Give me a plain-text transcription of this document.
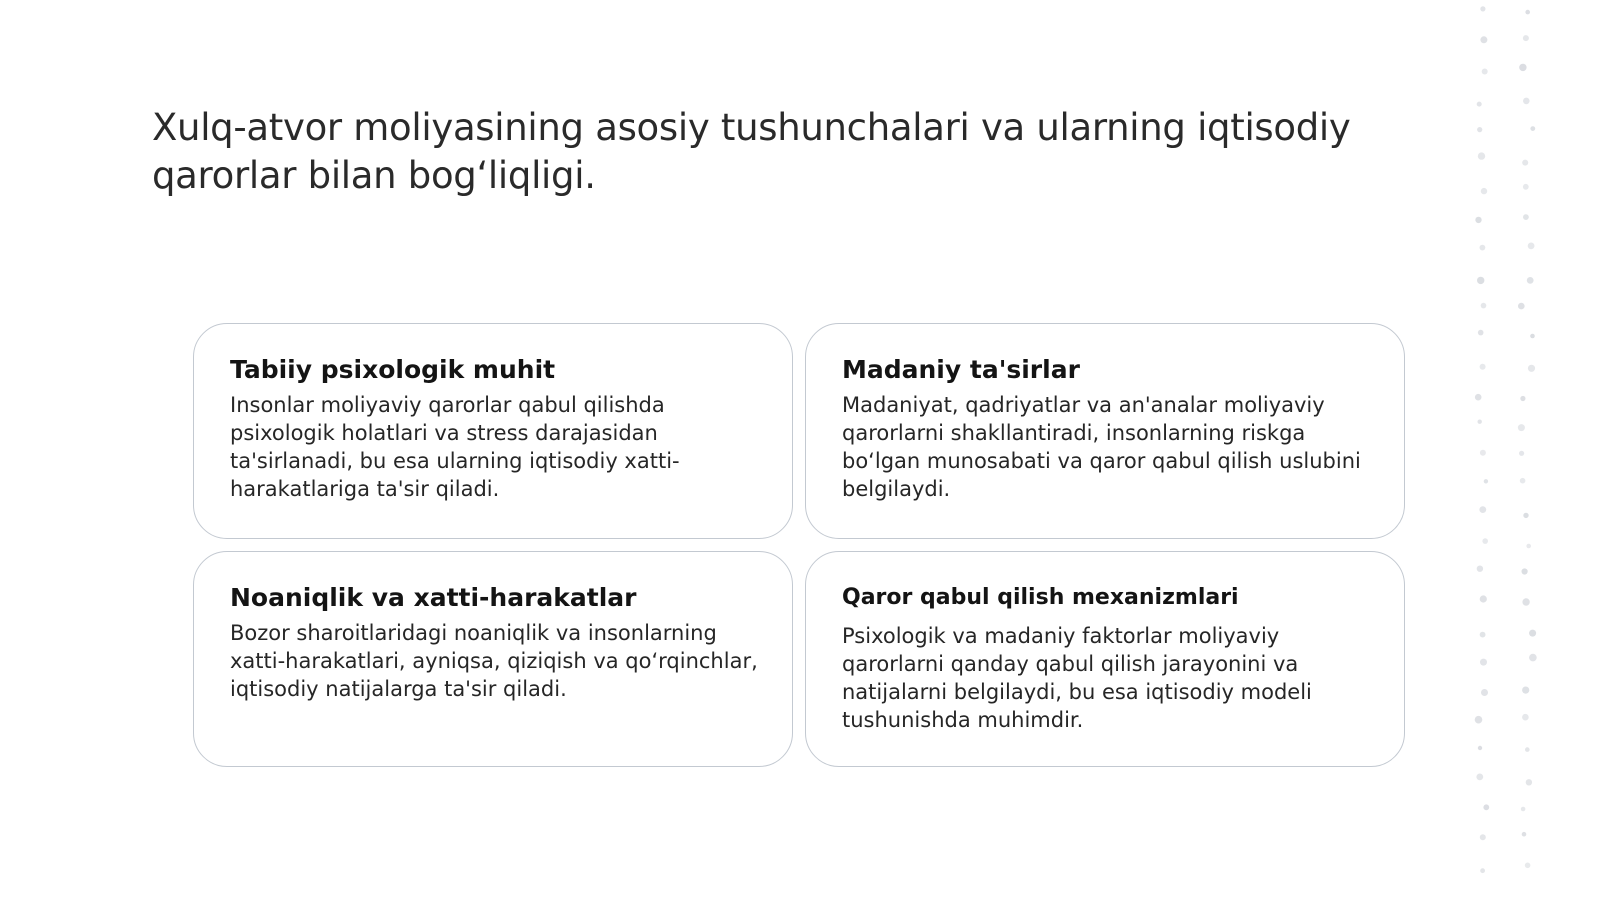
Xulq-atvor moliyasining asosiy tushunchalari va ularning iqtisodiy qarorlar bilan bog‘liqligi.
Tabiiy psixologik muhit

Insonlar moliyaviy qarorlar qabul qilishda psixologik holatlari va stress darajasidan ta'sirlanadi, bu esa ularning iqtisodiy xatti-harakatlariga ta'sir qiladi.

Madaniy ta'sirlar

Madaniyat, qadriyatlar va an'analar moliyaviy qarorlarni shakllantiradi, insonlarning riskga bo‘lgan munosabati va qaror qabul qilish uslubini belgilaydi.

Noaniqlik va xatti-harakatlar

Bozor sharoitlaridagi noaniqlik va insonlarning xatti-harakatlari, ayniqsa, qiziqish va qo‘rqinchlar, iqtisodiy natijalarga ta'sir qiladi.

Qaror qabul qilish mexanizmlari

Psixologik va madaniy faktorlar moliyaviy qarorlarni qanday qabul qilish jarayonini va natijalarni belgilaydi, bu esa iqtisodiy modeli tushunishda muhimdir.
